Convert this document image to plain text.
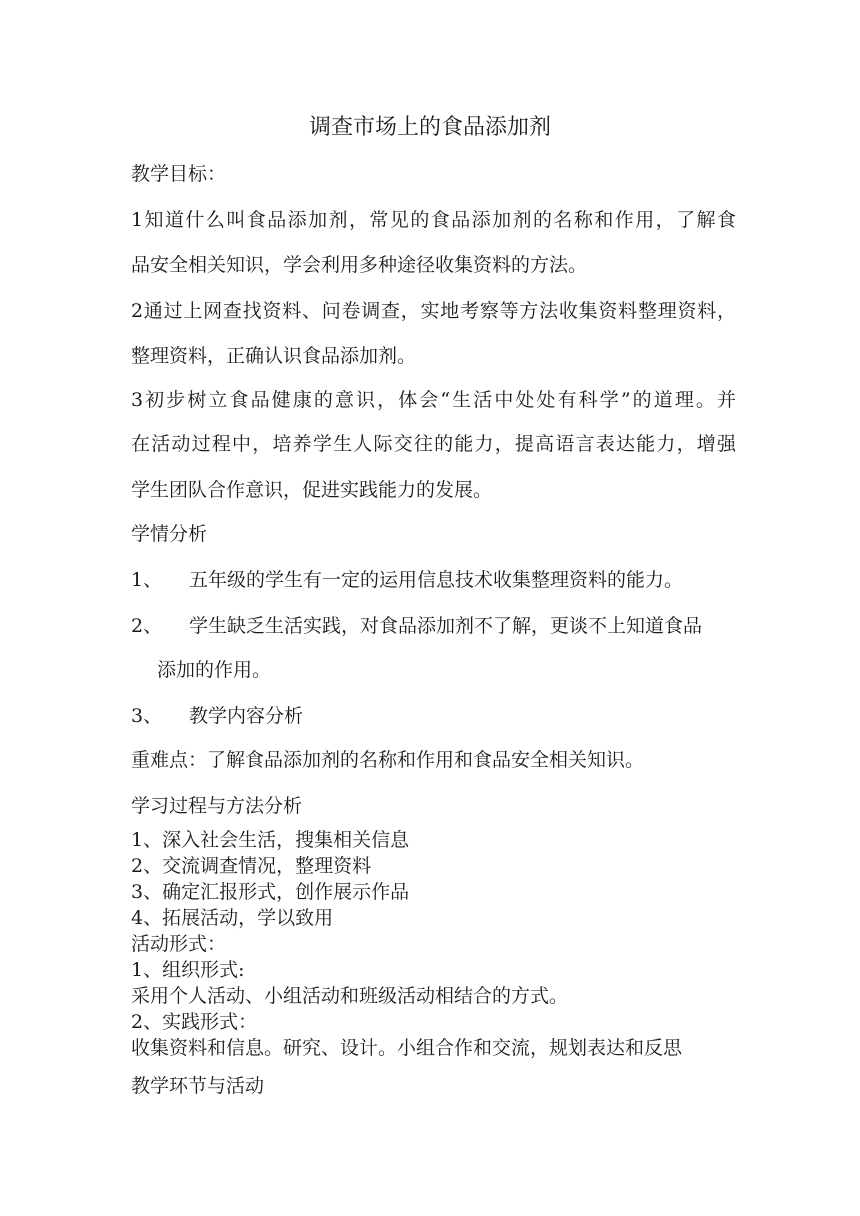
调查市场上的食品添加剂
教学目标：
1知道什么叫食品添加剂，常见的食品添加剂的名称和作用，了解食
品安全相关知识，学会利用多种途径收集资料的方法。
2通过上网查找资料、问卷调查，实地考察等方法收集资料整理资料，
整理资料，正确认识食品添加剂。
3初步树立食品健康的意识，体会“生活中处处有科学”的道理。并
在活动过程中，培养学生人际交往的能力，提高语言表达能力，增强
学生团队合作意识，促进实践能力的发展。
学情分析
1、 五年级的学生有一定的运用信息技术收集整理资料的能力。
2、 学生缺乏生活实践，对食品添加剂不了解，更谈不上知道食品
添加的作用。
3、 教学内容分析
重难点：了解食品添加剂的名称和作用和食品安全相关知识。
学习过程与方法分析
1、深入社会生活，搜集相关信息
2、交流调查情况，整理资料
3、确定汇报形式，创作展示作品
4、拓展活动，学以致用
活动形式：
1、组织形式:
采用个人活动、小组活动和班级活动相结合的方式。
2、实践形式：
收集资料和信息。研究、设计。小组合作和交流，规划表达和反思
教学环节与活动
